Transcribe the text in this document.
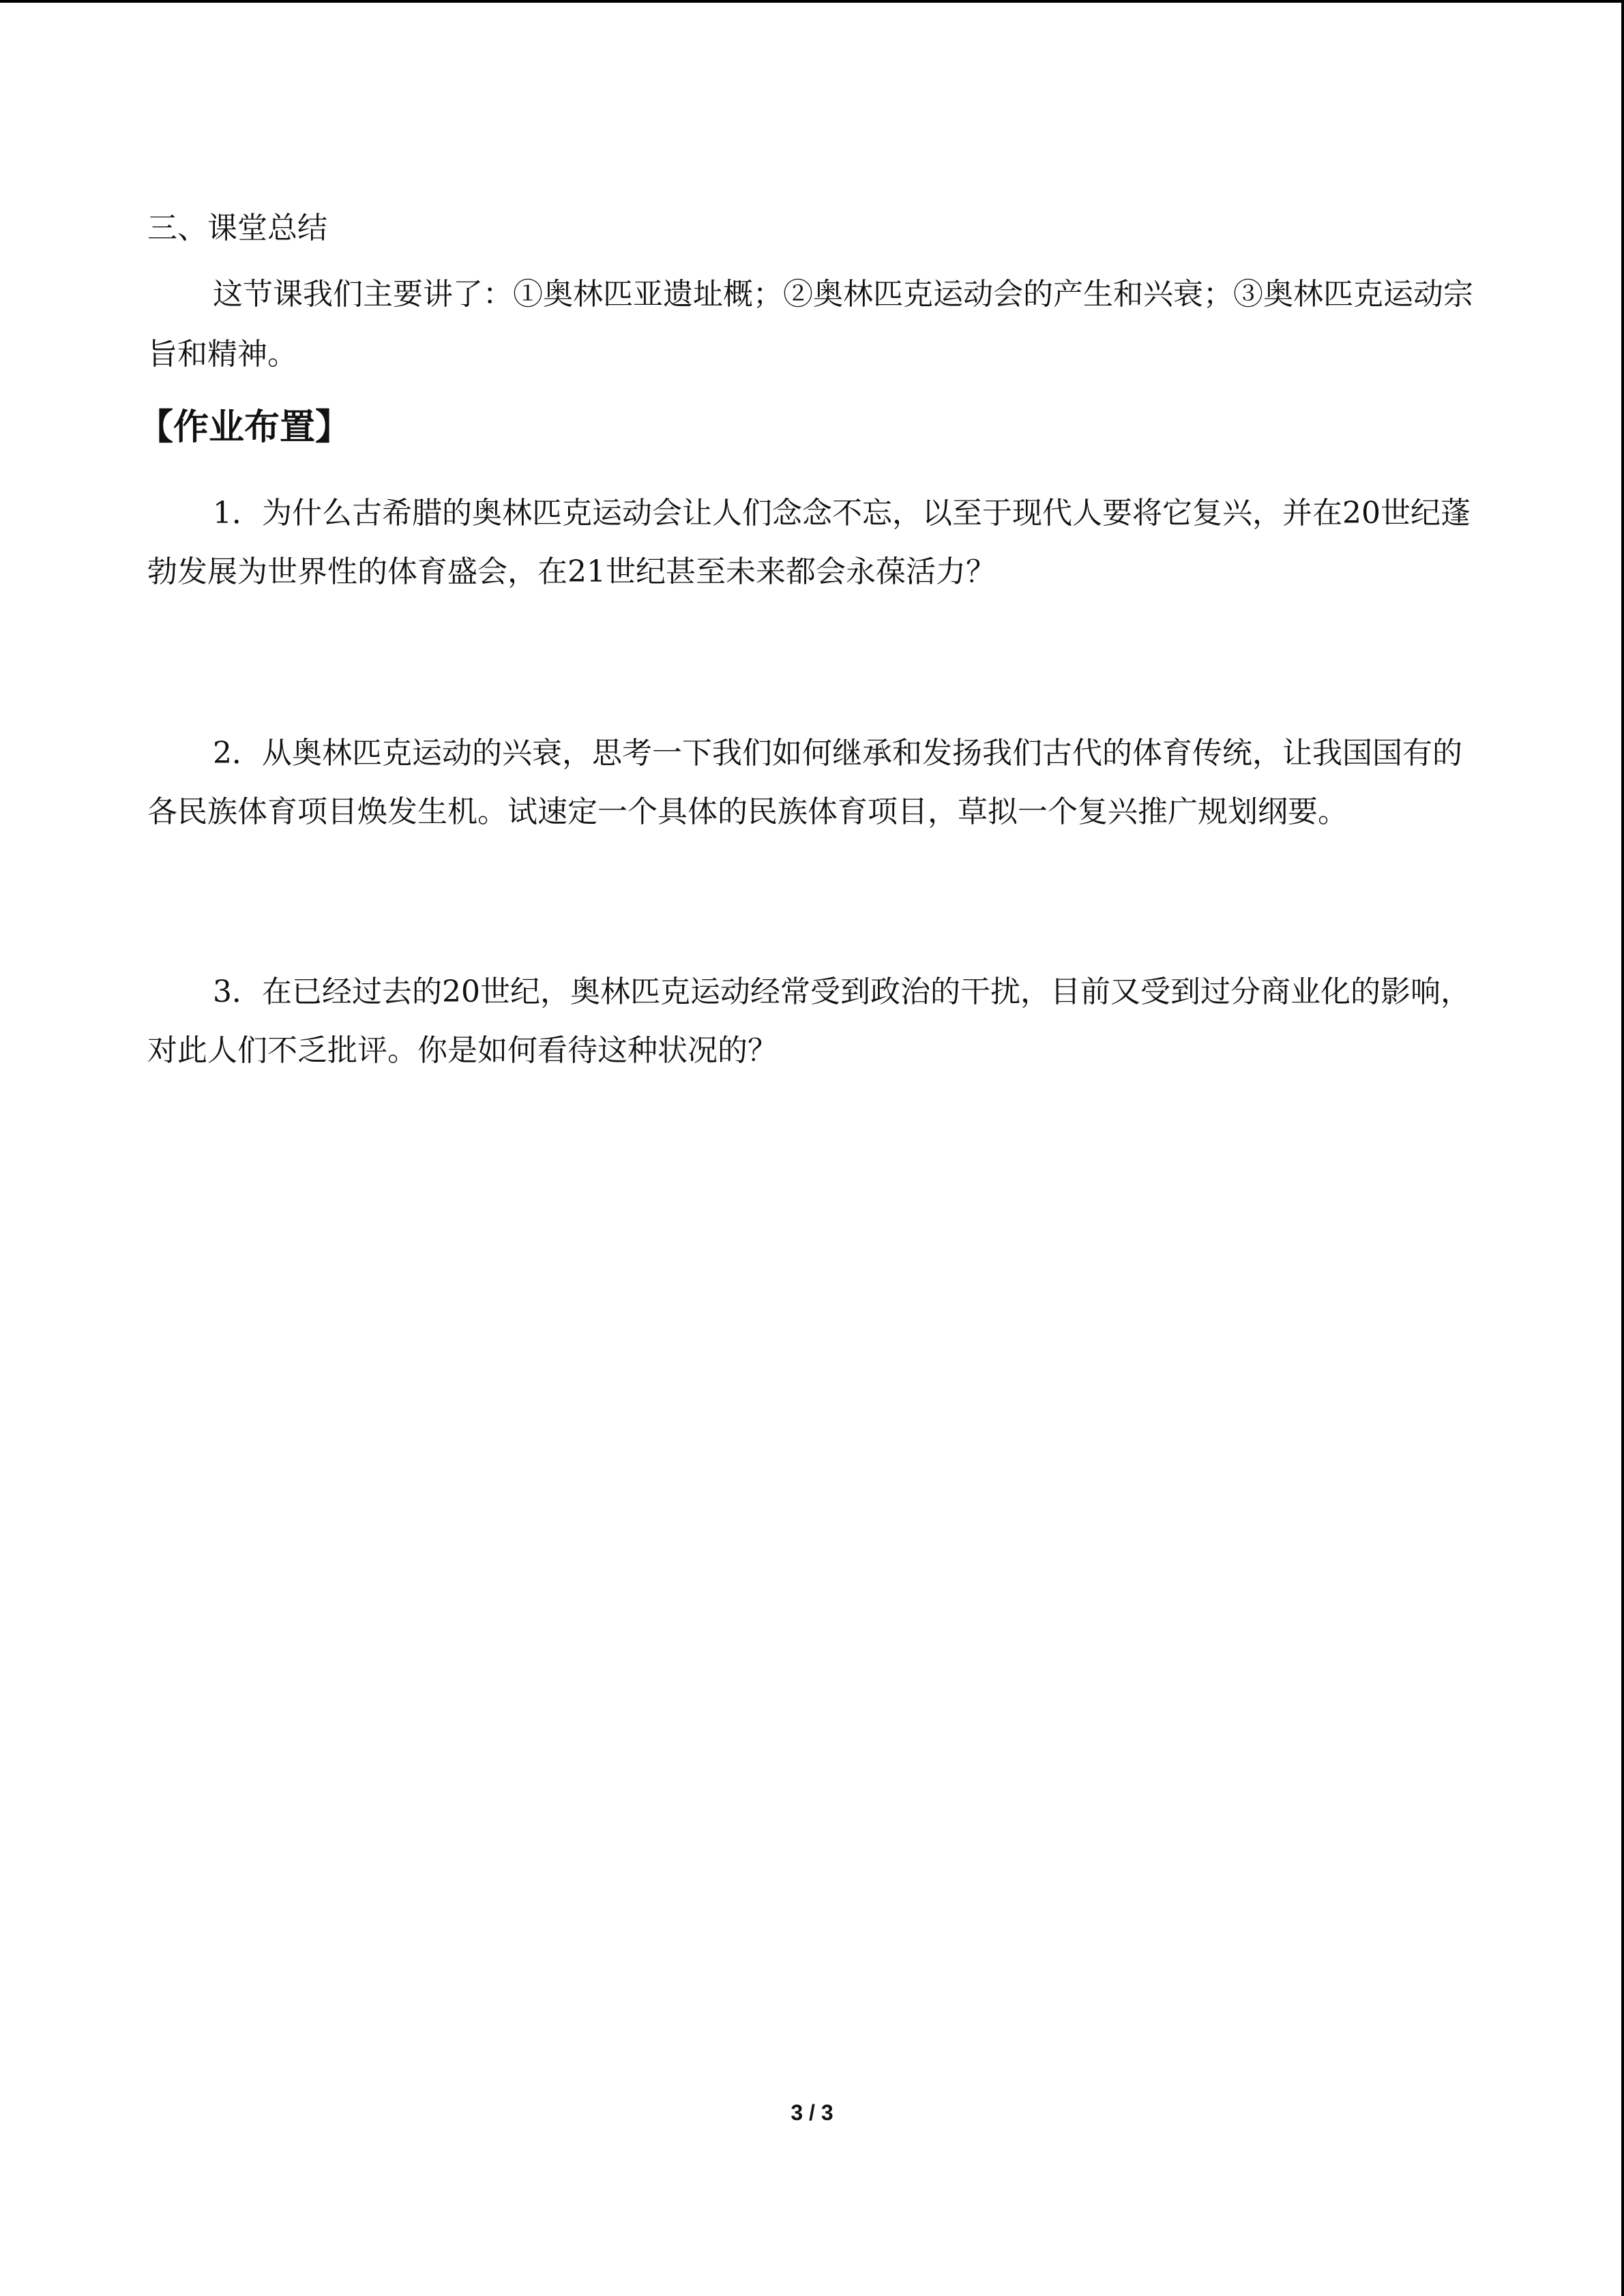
三、课堂总结

这节课我们主要讲了：①奥林匹亚遗址概；②奥林匹克运动会的产生和兴衰；③奥林匹克运动宗旨和精神。

【作业布置】

1．为什么古希腊的奥林匹克运动会让人们念念不忘，以至于现代人要将它复兴，并在20世纪蓬勃发展为世界性的体育盛会，在21世纪甚至未来都会永葆活力？

2．从奥林匹克运动的兴衰，思考一下我们如何继承和发扬我们古代的体育传统，让我国国有的各民族体育项目焕发生机。试速定一个具体的民族体育项目，草拟一个复兴推广规划纲要。

3．在已经过去的20世纪，奥林匹克运动经常受到政治的干扰，目前又受到过分商业化的影响，对此人们不乏批评。你是如何看待这种状况的？

3 / 3
